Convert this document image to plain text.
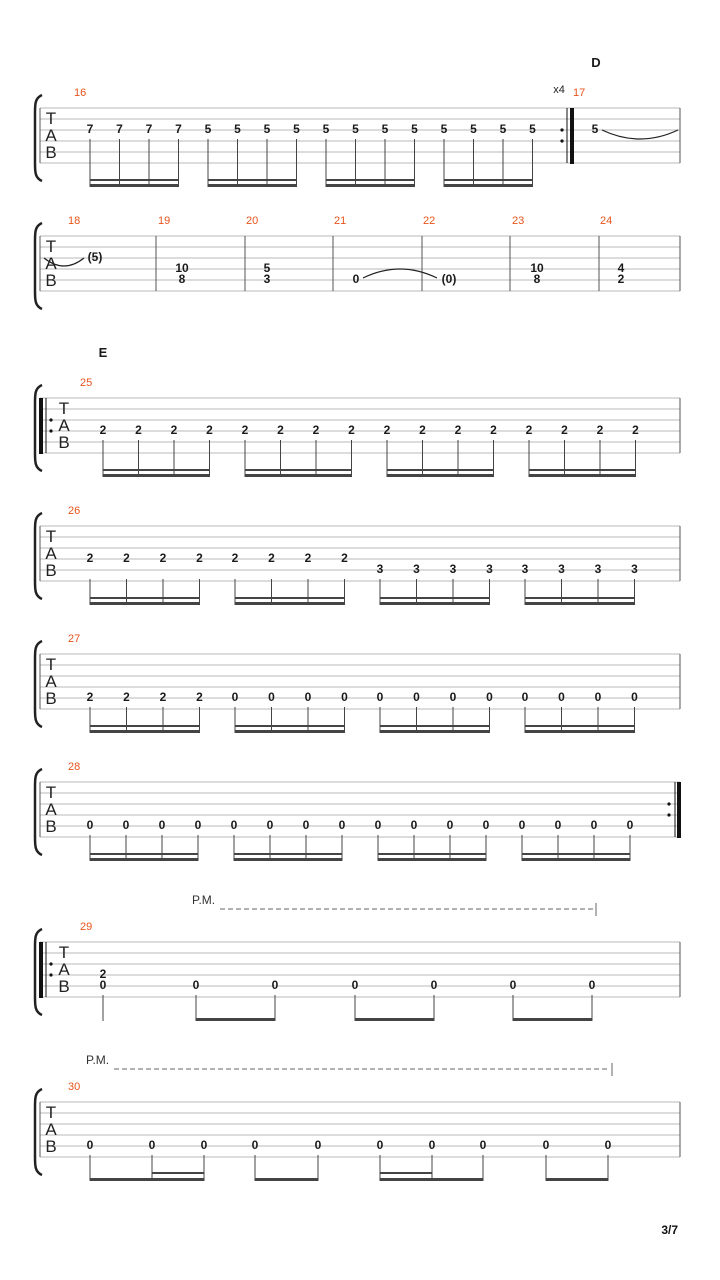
T
A
B
D
16	17
x4
7 7 7 7 5 5 5 5 5 5 5 5 5 5 5 5	5
T
A
B
18	19	20	21	22	23	24
(5)
10
8
5
3	0	(0)
10
8
4
2
T
A
B
E
25
2 2 2 2 2 2 2 2 2 2 2 2 2 2 2 2
T
A
B
26
2 2 2 2 2 2 2 2
3 3 3 3 3 3 3 3
T
A
B
27
2 2 2 2 0 0 0 0 0 0 0 0 0 0 0 0
T
A
B
28
0 0 0 0 0 0 0 0 0 0 0 0 0 0 0 0
T
A
B
P.M.
29
2
0	0	0	0	0	0	0
T
A
B
P.M.
30
0	0	0	0	0	0	0	0	0	0
3/7
